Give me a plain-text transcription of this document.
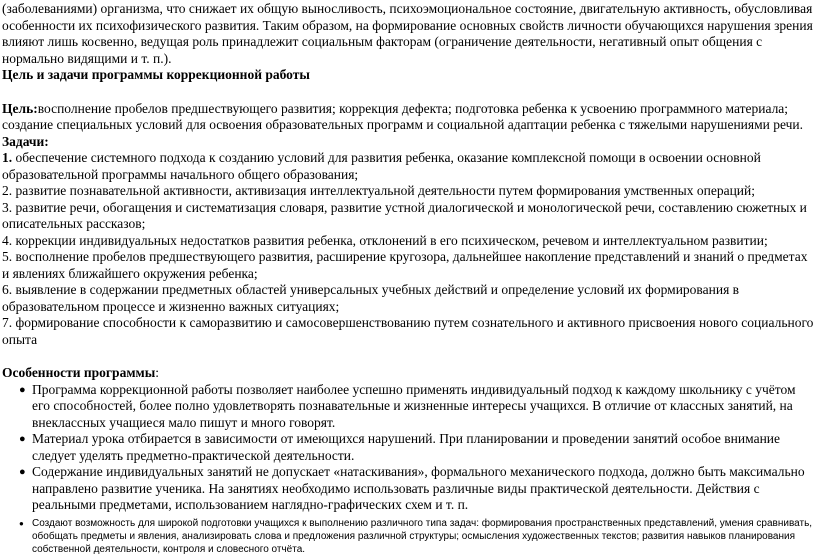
(заболеваниями) организма, что снижает их общую выносливость, психоэмоциональное состояние, двигательную активность, обусловливая особенности их психофизического развития. Таким образом, на формирование основных свойств личности обучающихся нарушения зрения влияют лишь косвенно, ведущая роль принадлежит социальным факторам (ограничение деятельности, негативный опыт общения с нормально видящими и т. п.).

Цель и задачи программы коррекционной работы

Цель:восполнение пробелов предшествующего развития; коррекция дефекта; подготовка ребенка к усвоению программного материала; создание специальных условий для освоения образовательных программ и социальной адаптации ребенка с тяжелыми нарушениями речи.

Задачи:

1. обеспечение системного подхода к созданию условий для развития ребенка, оказание комплексной помощи в освоении основной образовательной программы начального общего образования;

2. развитие познавательной активности, активизация интеллектуальной деятельности путем формирования умственных операций;

3. развитие речи, обогащения и систематизация словаря, развитие устной диалогической и монологической речи, составлению сюжетных и описательных рассказов;

4. коррекции индивидуальных недостатков развития ребенка, отклонений в его психическом, речевом и интеллектуальном развитии;

5. восполнение пробелов предшествующего развития, расширение кругозора, дальнейшее накопление представлений и знаний о предметах и явлениях ближайшего окружения ребенка;

6. выявление в содержании предметных областей универсальных учебных действий и определение условий их формирования в образовательном процессе и жизненно важных ситуациях;

7. формирование способности к саморазвитию и самосовершенствованию путем сознательного и активного присвоения нового социального опыта

Особенности программы:

● Программа коррекционной работы позволяет наиболее успешно применять индивидуальный подход к каждому школьнику с учётом его способностей, более полно удовлетворять познавательные и жизненные интересы учащихся. В отличие от классных занятий, на внеклассных учащиеся мало пишут и много говорят.
● Материал урока отбирается в зависимости от имеющихся нарушений. При планировании и проведении занятий особое внимание следует уделять предметно-практической деятельности.
● Содержание индивидуальных занятий не допускает «натаскивания», формального механического подхода, должно быть максимально направлено развитие ученика. На занятиях необходимо использовать различные виды практической деятельности. Действия с реальными предметами, использованием наглядно-графических схем и т. п.
● Создают возможность для широкой подготовки учащихся к выполнению различного типа задач: формирования пространственных представлений, умения сравнивать, обобщать предметы и явления, анализировать слова и предложения различной структуры; осмысления художественных текстов; развития навыков планирования собственной деятельности, контроля и словесного отчёта.
